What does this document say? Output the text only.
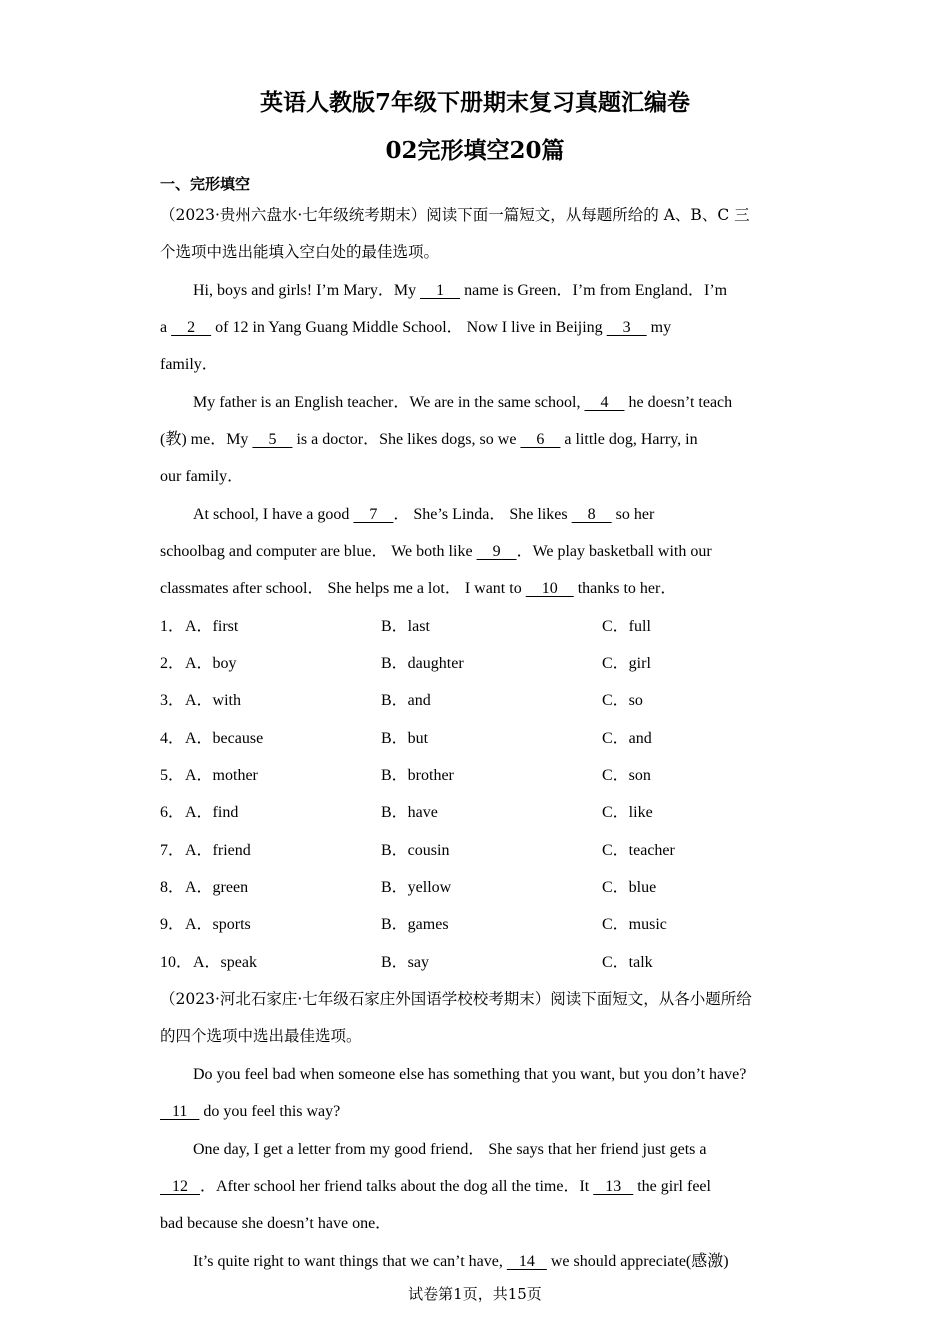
英语人教版7年级下册期末复习真题汇编卷
02完形填空20篇
一、完形填空
（2023·贵州六盘水·七年级统考期末）阅读下面一篇短文，从每题所给的 A、B、C 三
个选项中选出能填入空白处的最佳选项。
Hi, boys and girls! I’m Mary．My     1     name is Green．I’m from England．I’m
a     2     of 12 in Yang Guang Middle School． Now I live in Beijing     3     my
family．
My father is an English teacher．We are in the same school,     4     he doesn’t teach
(教) me．My     5     is a doctor．She likes dogs, so we     6     a little dog, Harry, in
our family．
At school, I have a good     7    ． She’s Linda． She likes     8     so her
schoolbag and computer are blue． We both like     9    ．We play basketball with our
classmates after school． She helps me a lot． I want to     10     thanks to her．
1． A．first	B．last	C．full
2． A．boy	B．daughter	C．girl
3． A．with	B．and	C．so
4． A．because	B．but	C．and
5． A．mother	B．brother	C．son
6． A．find	B．have	C．like
7． A．friend	B．cousin	C．teacher
8． A．green	B．yellow	C．blue
9． A．sports	B．games	C．music
10． A．speak	B．say	C．talk
（2023·河北石家庄·七年级石家庄外国语学校校考期末）阅读下面短文，从各小题所给
的四个选项中选出最佳选项。
Do you feel bad when someone else has something that you want, but you don’t have?
11    do you feel this way?
One day, I get a letter from my good friend． She says that her friend just gets a
12   ．After school her friend talks about the dog all the time．It    13    the girl feel
bad because she doesn’t have one．
It’s quite right to want things that we can’t have,    14    we should appreciate(感激)
试卷第1页，共15页
